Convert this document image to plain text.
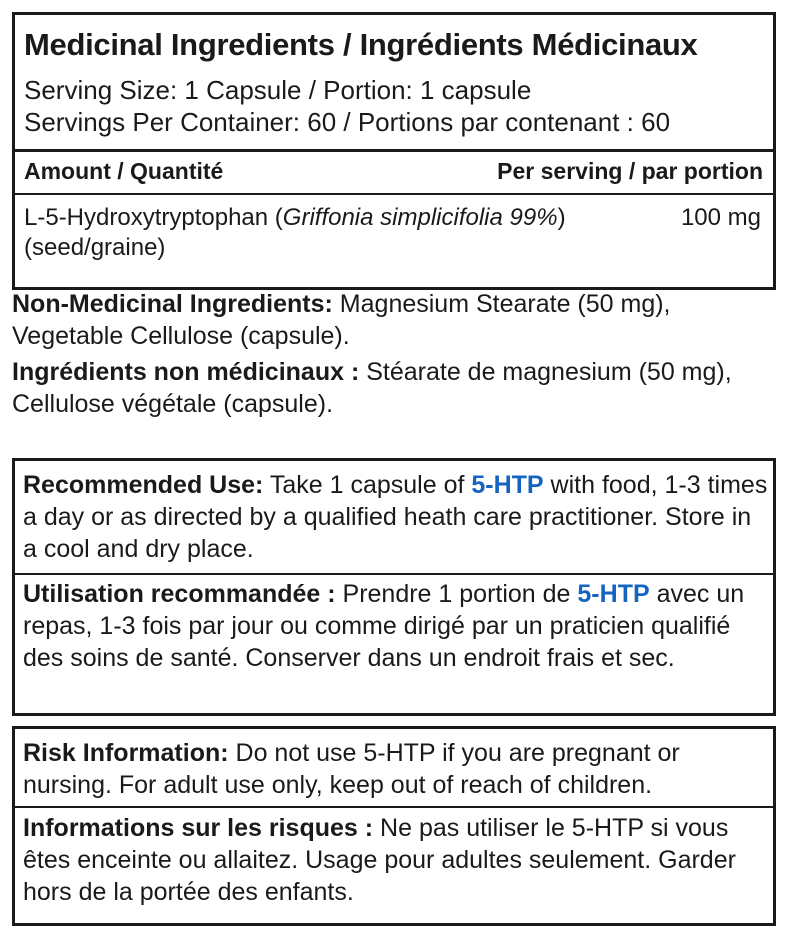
Medicinal Ingredients / Ingrédients Médicinaux
Serving Size: 1 Capsule / Portion: 1 capsule
Servings Per Container: 60 / Portions par contenant : 60
Amount / Quantité	Per serving / par portion
L-5-Hydroxytryptophan (Griffonia simplicifolia 99%)
(seed/graine)
100 mg
Non-Medicinal Ingredients: Magnesium Stearate (50 mg), Vegetable Cellulose (capsule).
Ingrédients non médicinaux : Stéarate de magnesium (50 mg), Cellulose végétale (capsule).
Recommended Use: Take 1 capsule of 5-HTP with food, 1-3 times a day or as directed by a qualified heath care practitioner. Store in a cool and dry place.
Utilisation recommandée : Prendre 1 portion de 5-HTP avec un repas, 1-3 fois par jour ou comme dirigé par un praticien qualifié des soins de santé. Conserver dans un endroit frais et sec.
Risk Information: Do not use 5-HTP if you are pregnant or nursing. For adult use only, keep out of reach of children.
Informations sur les risques : Ne pas utiliser le 5-HTP si vous êtes enceinte ou allaitez. Usage pour adultes seulement. Garder hors de la portée des enfants.
